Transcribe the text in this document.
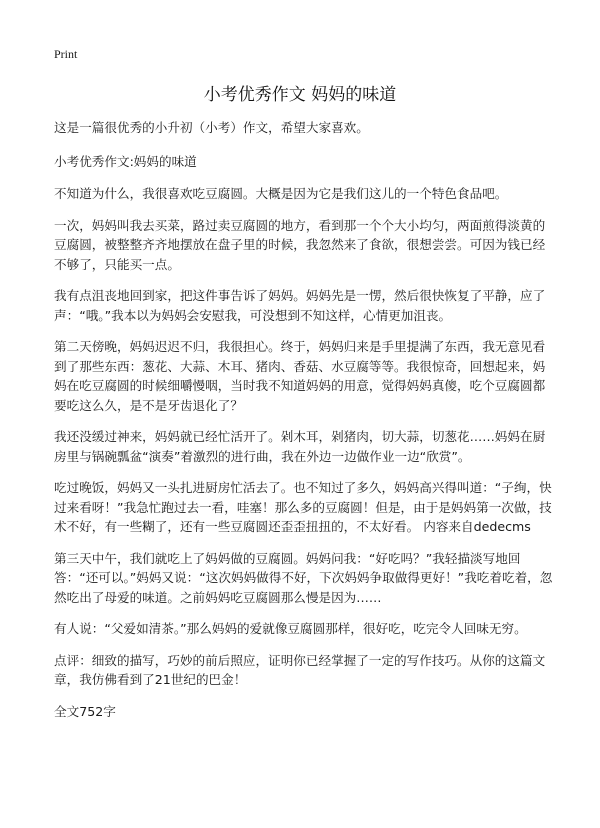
Print
小考优秀作文 妈妈的味道

这是一篇很优秀的小升初（小考）作文，希望大家喜欢。

小考优秀作文:妈妈的味道

不知道为什么，我很喜欢吃豆腐圆。大概是因为它是我们这儿的一个特色食品吧。

一次，妈妈叫我去买菜，路过卖豆腐圆的地方，看到那一个个大小均匀，两面煎得淡黄的豆腐圆，被整整齐齐地摆放在盘子里的时候，我忽然来了食欲，很想尝尝。可因为钱已经不够了，只能买一点。

我有点沮丧地回到家，把这件事告诉了妈妈。妈妈先是一愣，然后很快恢复了平静，应了声：“哦。”我本以为妈妈会安慰我，可没想到不知这样，心情更加沮丧。

第二天傍晚，妈妈迟迟不归，我很担心。终于，妈妈归来是手里提满了东西，我无意见看到了那些东西：葱花、大蒜、木耳、猪肉、香菇、水豆腐等等。我很惊奇，回想起来，妈妈在吃豆腐圆的时候细嚼慢咽，当时我不知道妈妈的用意，觉得妈妈真傻，吃个豆腐圆都要吃这么久，是不是牙齿退化了？

我还没缓过神来，妈妈就已经忙活开了。剁木耳，剁猪肉，切大蒜，切葱花……妈妈在厨房里与锅碗瓢盆“演奏”着激烈的进行曲，我在外边一边做作业一边“欣赏”。

吃过晚饭，妈妈又一头扎进厨房忙活去了。也不知过了多久，妈妈高兴得叫道：“子绚，快过来看呀！”我急忙跑过去一看，哇塞！那么多的豆腐圆！但是，由于是妈妈第一次做，技术不好，有一些糊了，还有一些豆腐圆还歪歪扭扭的，不太好看。 内容来自dedecms

第三天中午，我们就吃上了妈妈做的豆腐圆。妈妈问我：“好吃吗？”我轻描淡写地回答：“还可以。”妈妈又说：“这次妈妈做得不好，下次妈妈争取做得更好！”我吃着吃着，忽然吃出了母爱的味道。之前妈妈吃豆腐圆那么慢是因为……

有人说：“父爱如清茶。”那么妈妈的爱就像豆腐圆那样，很好吃，吃完令人回味无穷。

点评：细致的描写，巧妙的前后照应，证明你已经掌握了一定的写作技巧。从你的这篇文章，我仿佛看到了21世纪的巴金！

全文752字
